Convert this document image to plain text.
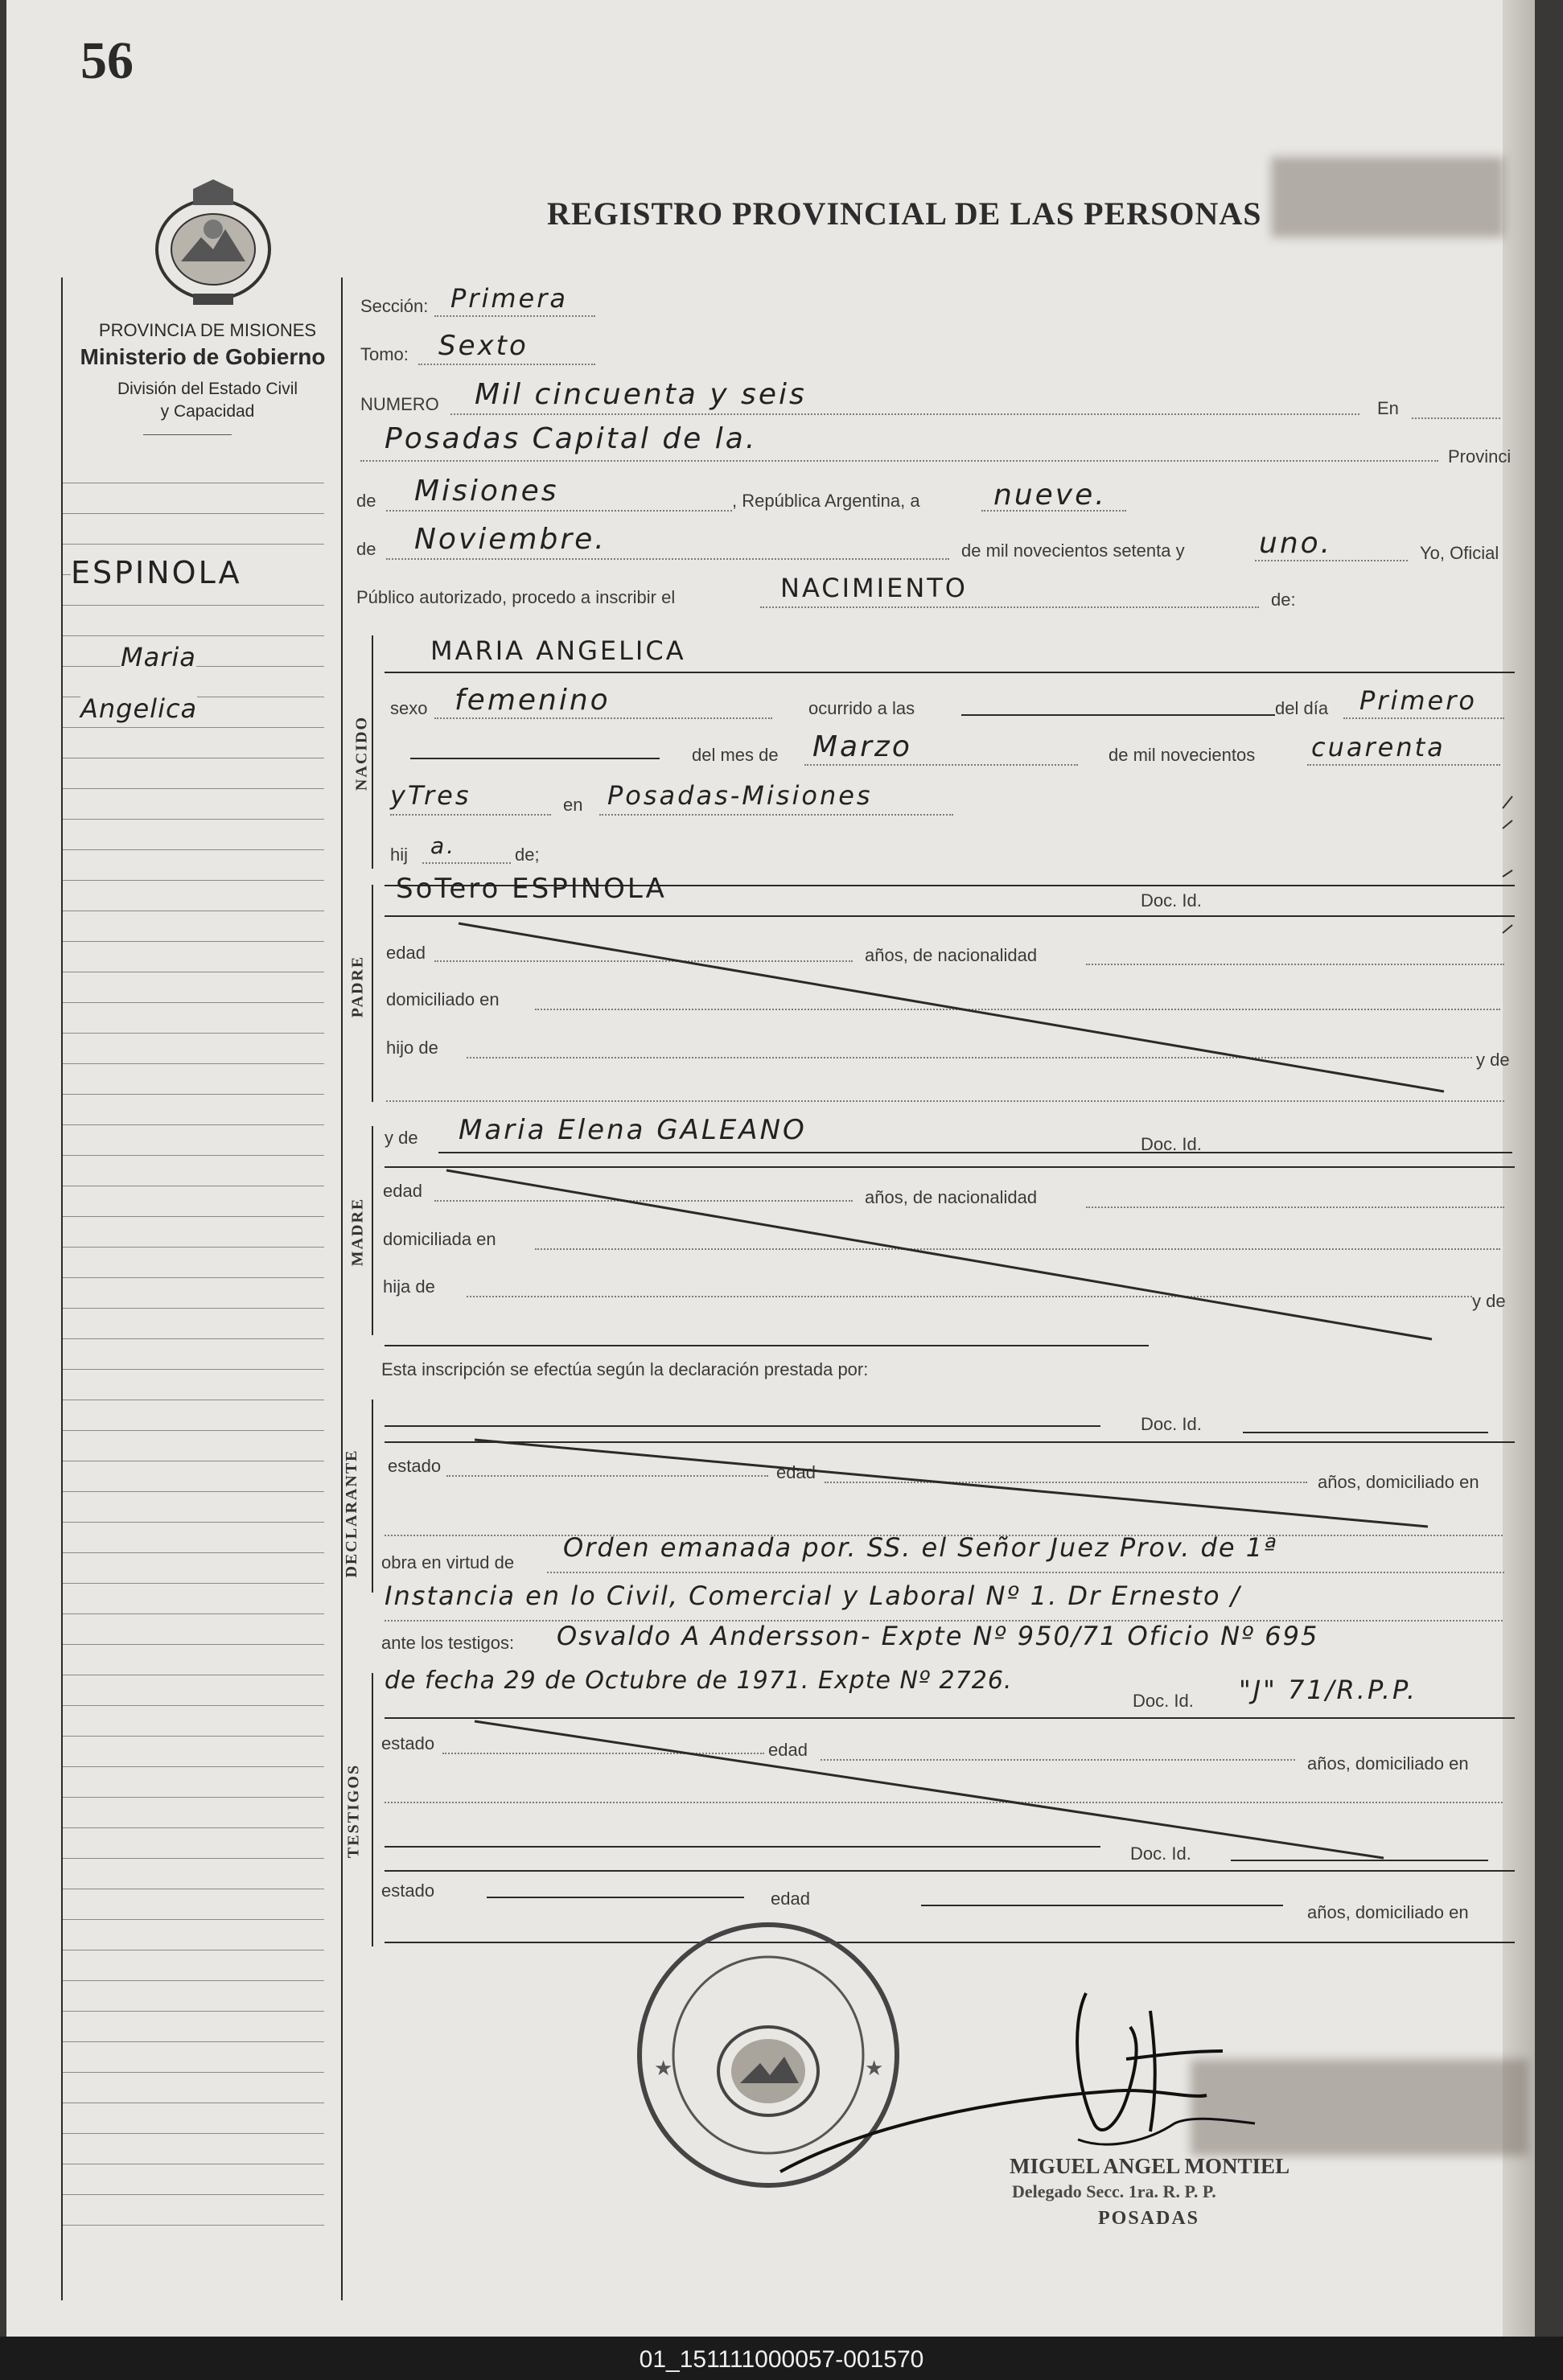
56
REGISTRO PROVINCIAL DE LAS PERSONAS
PROVINCIA DE MISIONES
Ministerio de Gobierno
División del Estado Civil
y Capacidad
ESPINOLA
Maria
Angelica
Sección: Primera
Tomo: Sexto
NUMERO Mil cincuenta y seis	En
Posadas Capital de la.
Provinci
de Misiones	, República Argentina, a	nueve.
de Noviembre.	de mil novecientos setenta y	uno.	Yo, Oficial
Público autorizado, procedo a inscribir el	NACIMIENTO	de:
NACIDO
MARIA ANGELICA
sexo femenino	ocurrido a las	del día Primero
del mes de Marzo	de mil novecientos cuarenta
yTres	en Posadas-Misiones
hij a.	de;
PADRE
SoTero ESPINOLA	Doc. Id.
edad	años, de nacionalidad
domiciliado en
hijo de
y de
MADRE
y de Maria Elena GALEANO	Doc. Id.
edad	años, de nacionalidad
domiciliada en
hija de
y de
Esta inscripción se efectúa según la declaración prestada por:
DECLARANTE
Doc. Id.
estado	edad	años, domiciliado en
obra en virtud de Orden emanada por. SS. el Señor Juez Prov. de 1ª
Instancia en lo Civil, Comercial y Laboral Nº 1. Dr Ernesto /
ante los testigos: Osvaldo A Andersson- Expte Nº 950/71 Oficio Nº 695
de fecha 29 de Octubre de 1971. Expte Nº 2726.
Doc. Id. "J" 71/R.P.P.
TESTIGOS
estado	edad
años, domiciliado en
Doc. Id.
estado	edad
años, domiciliado en
★	★
MIGUEL ANGEL MONTIEL
Delegado Secc. 1ra. R. P. P.
POSADAS
01_151111000057-001570
